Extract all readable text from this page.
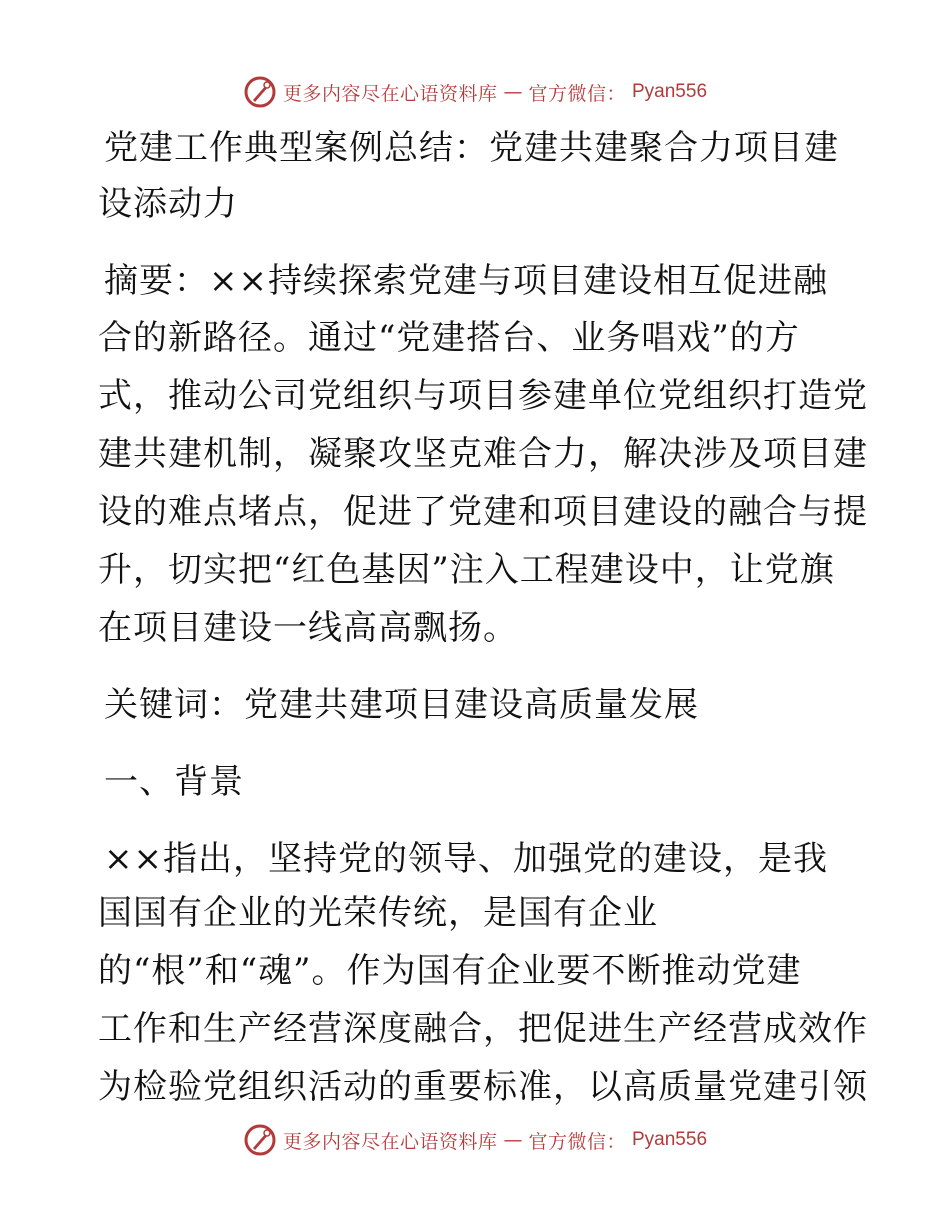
更多内容尽在心语资料库 — 官方微信： Pyan556
党建工作典型案例总结：党建共建聚合力项目建
设添动力
摘要：××持续探索党建与项目建设相互促进融
合的新路径。通过“党建搭台、业务唱戏”的方
式，推动公司党组织与项目参建单位党组织打造党
建共建机制，凝聚攻坚克难合力，解决涉及项目建
设的难点堵点，促进了党建和项目建设的融合与提
升，切实把“红色基因”注入工程建设中，让党旗
在项目建设一线高高飘扬。
关键词：党建共建项目建设高质量发展
一、背景
××指出，坚持党的领导、加强党的建设，是我
国国有企业的光荣传统，是国有企业
的“根”和“魂”。作为国有企业要不断推动党建
工作和生产经营深度融合，把促进生产经营成效作
为检验党组织活动的重要标准，以高质量党建引领
更多内容尽在心语资料库 — 官方微信： Pyan556
